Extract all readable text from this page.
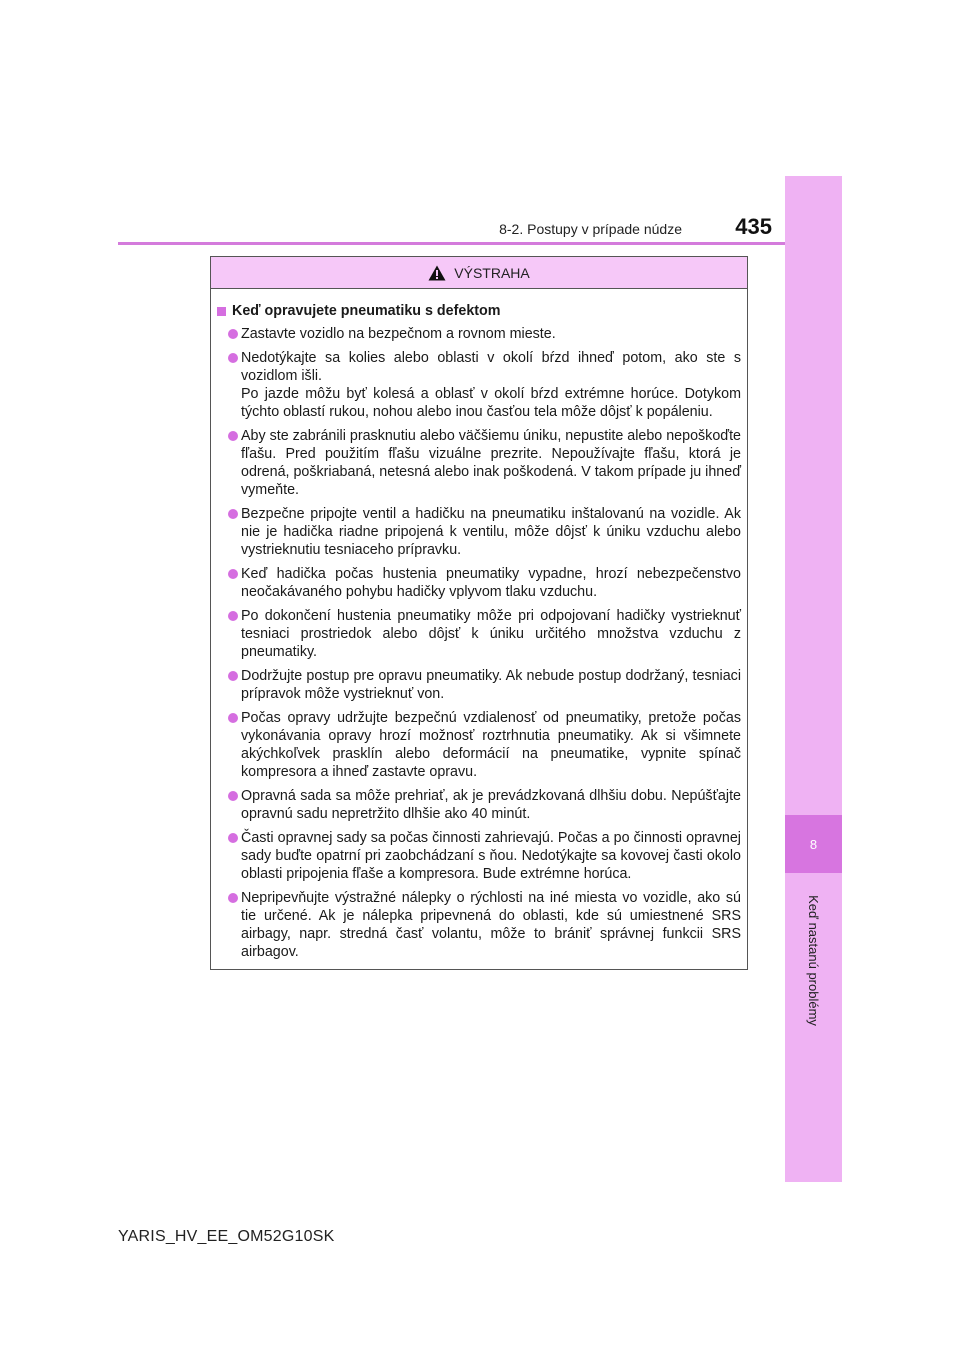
8
Keď nastanú problémy
8-2. Postupy v prípade núdze	435
VÝSTRAHA
Keď opravujete pneumatiku s defektom
Zastavte vozidlo na bezpečnom a rovnom mieste.
Nedotýkajte sa kolies alebo oblasti v okolí bŕzd ihneď potom, ako ste s vozidlom išli.
Po jazde môžu byť kolesá a oblasť v okolí bŕzd extrémne horúce. Dotykom týchto oblastí rukou, nohou alebo inou časťou tela môže dôjsť k popáleniu.
Aby ste zabránili prasknutiu alebo väčšiemu úniku, nepustite alebo nepoškoďte fľašu. Pred použitím fľašu vizuálne prezrite. Nepoužívajte fľašu, ktorá je odrená, poškriabaná, netesná alebo inak poškodená. V takom prípade ju ihneď vymeňte.
Bezpečne pripojte ventil a hadičku na pneumatiku inštalovanú na vozidle. Ak nie je hadička riadne pripojená k ventilu, môže dôjsť k úniku vzduchu alebo vystrieknutiu tesniaceho prípravku.
Keď hadička počas hustenia pneumatiky vypadne, hrozí nebezpečenstvo neočakávaného pohybu hadičky vplyvom tlaku vzduchu.
Po dokončení hustenia pneumatiky môže pri odpojovaní hadičky vystrieknuť tesniaci prostriedok alebo dôjsť k úniku určitého množstva vzduchu z pneumatiky.
Dodržujte postup pre opravu pneumatiky. Ak nebude postup dodržaný, tesniaci prípravok môže vystrieknuť von.
Počas opravy udržujte bezpečnú vzdialenosť od pneumatiky, pretože počas vykonávania opravy hrozí možnosť roztrhnutia pneumatiky. Ak si všimnete akýchkoľvek prasklín alebo deformácií na pneumatike, vypnite spínač kompresora a ihneď zastavte opravu.
Opravná sada sa môže prehriať, ak je prevádzkovaná dlhšiu dobu. Nepúšťajte opravnú sadu nepretržito dlhšie ako 40 minút.
Časti opravnej sady sa počas činnosti zahrievajú. Počas a po činnosti opravnej sady buďte opatrní pri zaobchádzaní s ňou. Nedotýkajte sa kovovej časti okolo oblasti pripojenia fľaše a kompresora. Bude extrémne horúca.
Nepripevňujte výstražné nálepky o rýchlosti na iné miesta vo vozidle, ako sú tie určené. Ak je nálepka pripevnená do oblasti, kde sú umiestnené SRS airbagy, napr. stredná časť volantu, môže to brániť správnej funkcii SRS airbagov.
YARIS_HV_EE_OM52G10SK
